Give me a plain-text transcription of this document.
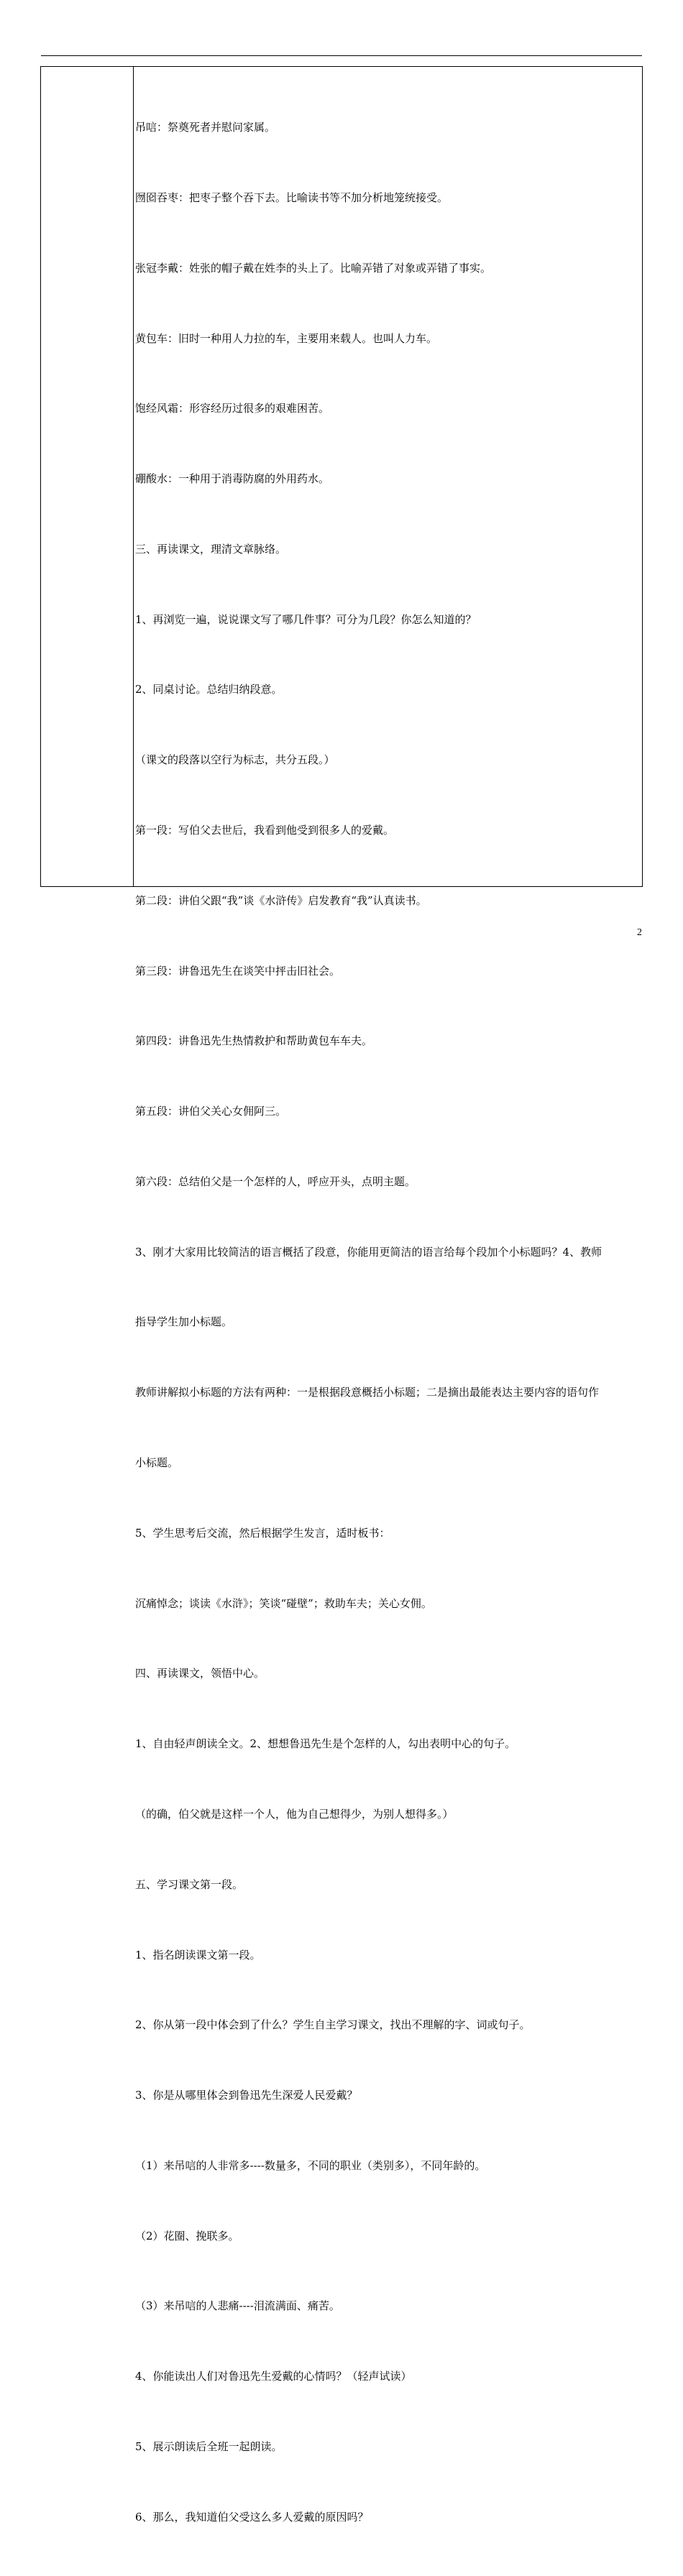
吊唁：祭奠死者并慰问家属。

囫囵吞枣：把枣子整个吞下去。比喻读书等不加分析地笼统接受。

张冠李戴：姓张的帽子戴在姓李的头上了。比喻弄错了对象或弄错了事实。

黄包车：旧时一种用人力拉的车，主要用来载人。也叫人力车。

饱经风霜：形容经历过很多的艰难困苦。

硼酸水：一种用于消毒防腐的外用药水。

三、再读课文，理清文章脉络。

1、再浏览一遍，说说课文写了哪几件事？可分为几段？你怎么知道的？

2、同桌讨论。总结归纳段意。

（课文的段落以空行为标志，共分五段。）

第一段：写伯父去世后，我看到他受到很多人的爱戴。

第二段：讲伯父跟“我”谈《水浒传》启发教育“我”认真读书。

第三段：讲鲁迅先生在谈笑中抨击旧社会。

第四段：讲鲁迅先生热情救护和帮助黄包车车夫。

第五段：讲伯父关心女佣阿三。

第六段：总结伯父是一个怎样的人，呼应开头，点明主题。

3、刚才大家用比较简洁的语言概括了段意，你能用更简洁的语言给每个段加个小标题吗？4、教师

指导学生加小标题。

教师讲解拟小标题的方法有两种：一是根据段意概括小标题；二是摘出最能表达主要内容的语句作

小标题。

5、学生思考后交流，然后根据学生发言，适时板书：

沉痛悼念；谈读《水浒》；笑谈“碰壁”；救助车夫；关心女佣。

四、再读课文，领悟中心。

1、自由轻声朗读全文。2、想想鲁迅先生是个怎样的人，勾出表明中心的句子。

（的确，伯父就是这样一个人，他为自己想得少，为别人想得多。）

五、学习课文第一段。

1、指名朗读课文第一段。

2、你从第一段中体会到了什么？学生自主学习课文，找出不理解的字、词或句子。

3、你是从哪里体会到鲁迅先生深爱人民爱戴？

（1）来吊唁的人非常多----数量多，不同的职业（类别多），不同年龄的。

（2）花圈、挽联多。

（3）来吊唁的人悲痛----泪流满面、痛苦。

4、你能读出人们对鲁迅先生爱戴的心情吗？（轻声试读）

5、展示朗读后全班一起朗读。

6、那么，我知道伯父受这么多人爱戴的原因吗？

2
